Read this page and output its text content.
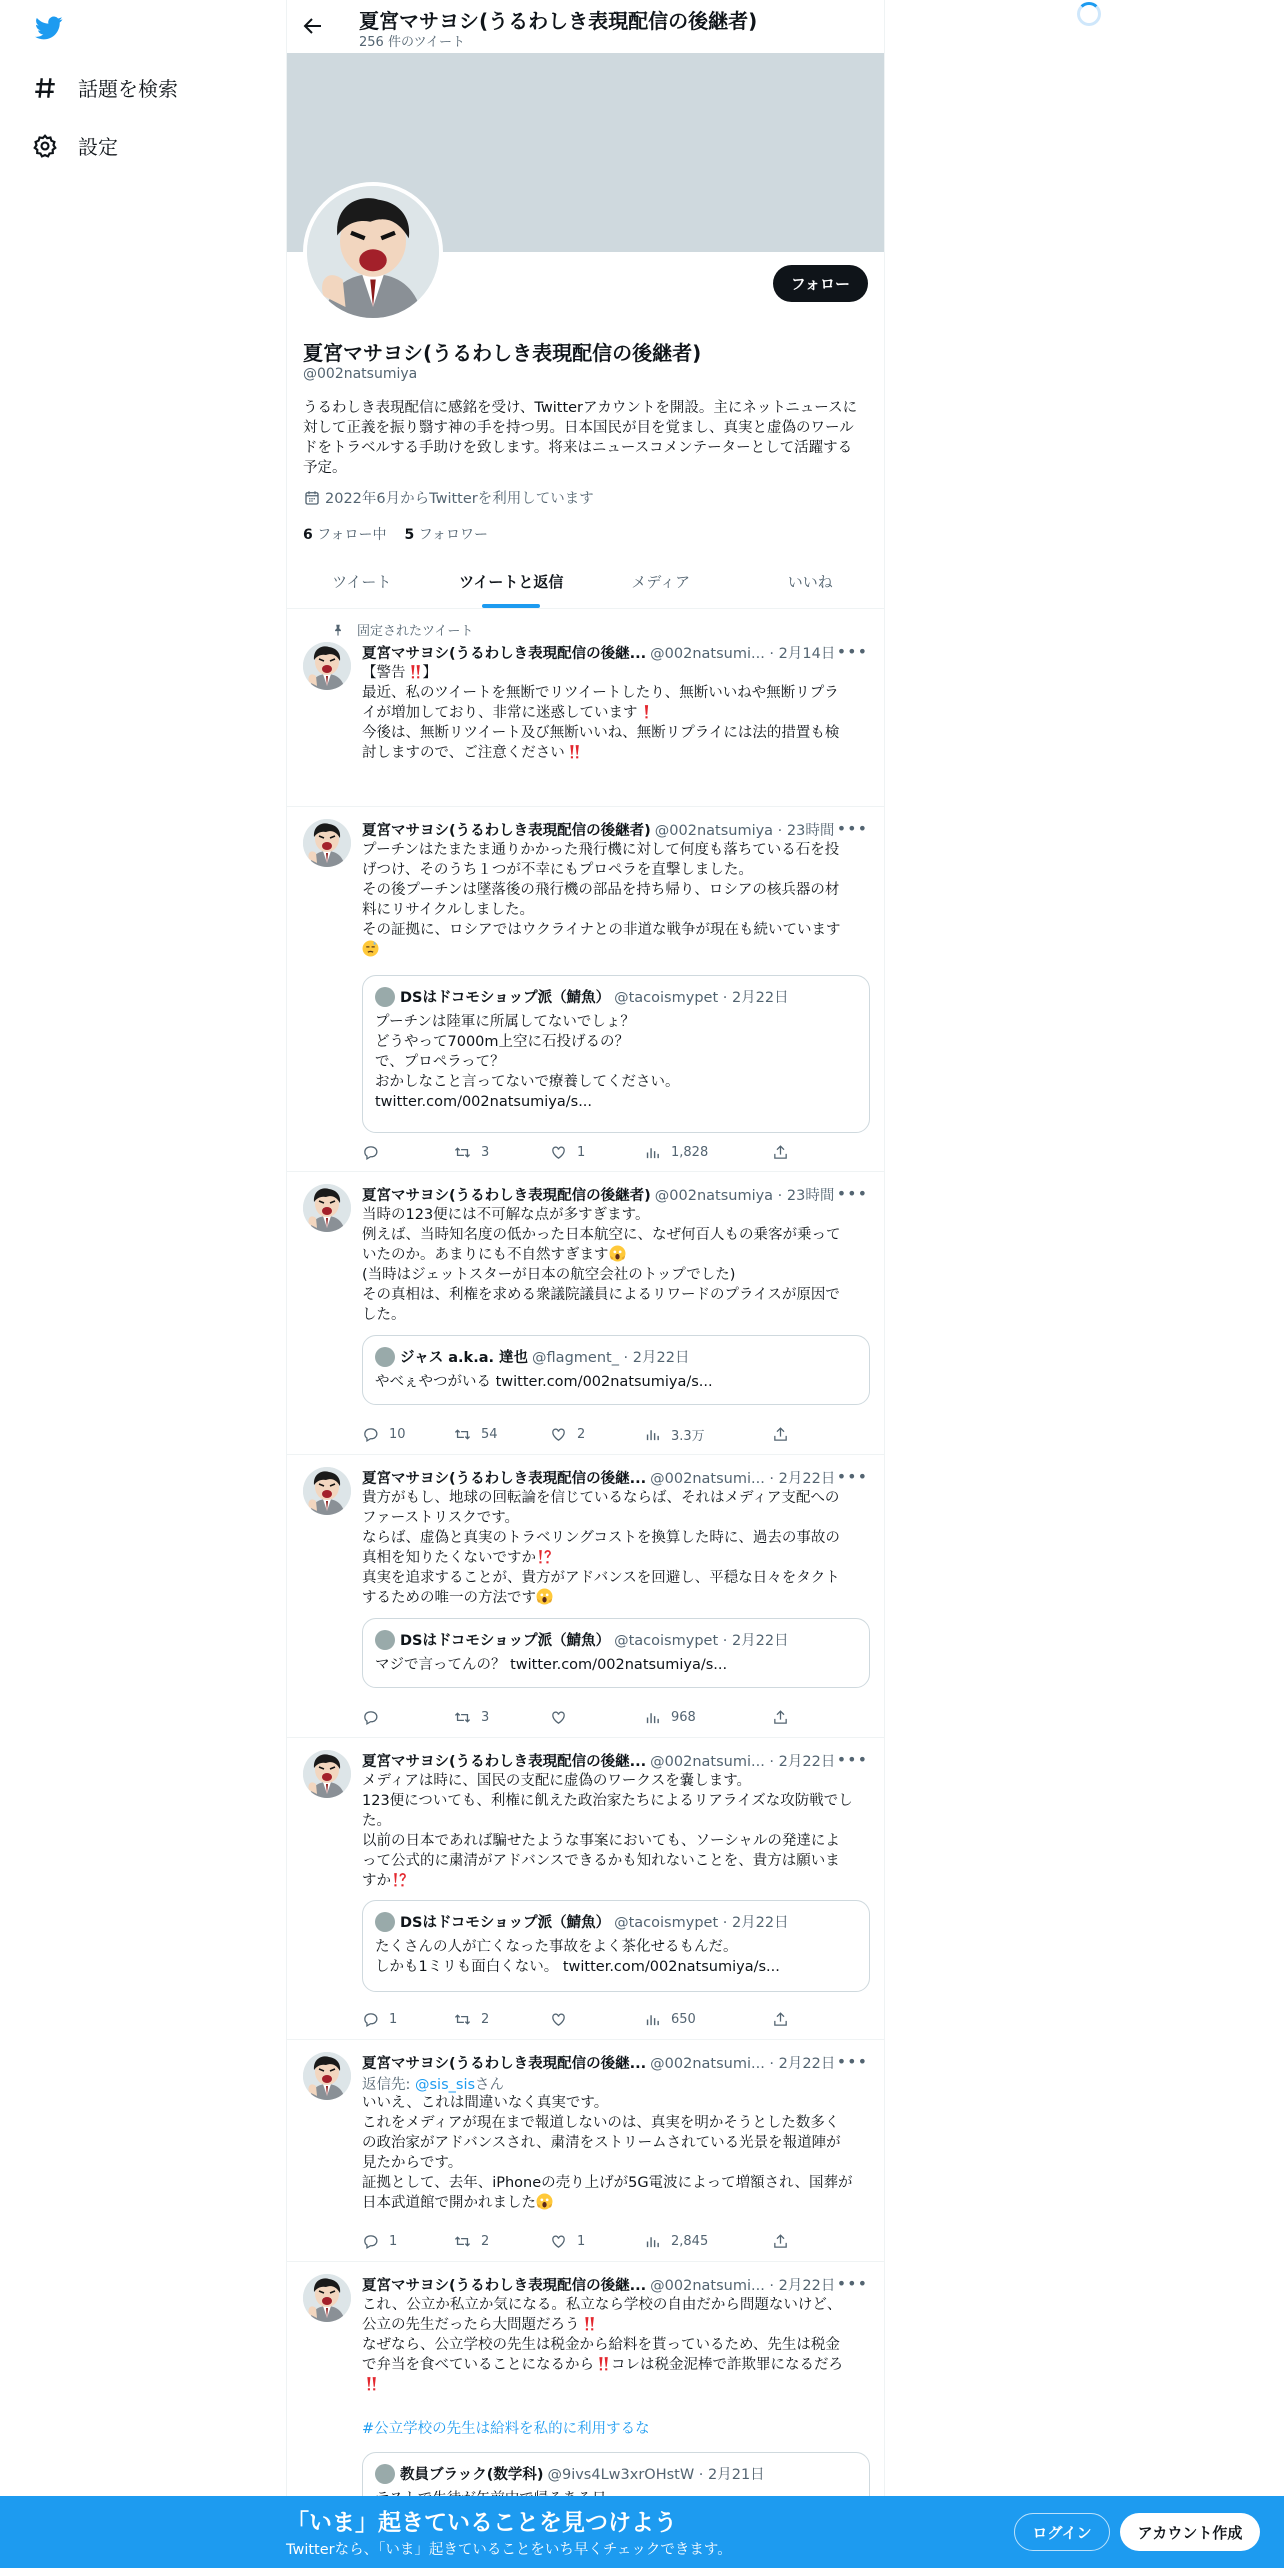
話題を検索
設定
夏宮マサヨシ(うるわしき表現配信の後継者)
256 件のツイート
フォロー
夏宮マサヨシ(うるわしき表現配信の後継者)
@002natsumiya
うるわしき表現配信に感銘を受け、Twitterアカウントを開設。主にネットニュースに対して正義を振り翳す神の手を持つ男。日本国民が目を覚まし、真実と虚偽のワールドをトラベルする手助けを致します。将来はニュースコメンテーターとして活躍する予定。
2022年6月からTwitterを利用しています
6 フォロー中 5 フォロワー
ツイート	ツイートと返信	メディア	いいね
固定されたツイート
夏宮マサヨシ(うるわしき表現配信の後継... @002natsumi... · 2月14日 •••
【警告 】
最近、私のツイートを無断でリツイートしたり、無断いいねや無断リプラ
イが増加しており、非常に迷惑しています
今後は、無断リツイート及び無断いいね、無断リプライには法的措置も検
討しますので、ご注意ください
夏宮マサヨシ(うるわしき表現配信の後継者) @002natsumiya · 23時間 •••
プーチンはたまたま通りかかった飛行機に対して何度も落ちている石を投
げつけ、そのうち１つが不幸にもプロペラを直撃しました。
その後プーチンは墜落後の飛行機の部品を持ち帰り、ロシアの核兵器の材
料にリサイクルしました。
その証拠に、ロシアではウクライナとの非道な戦争が現在も続いています
DSはドコモショップ派（鯖魚） @tacoismypet · 2月22日
プーチンは陸軍に所属してないでしょ？
どうやって7000m上空に石投げるの？
で、プロペラって？
おかしなこと言ってないで療養してください。
twitter.com/002natsumiya/s...
3	1	1,828
夏宮マサヨシ(うるわしき表現配信の後継者) @002natsumiya · 23時間 •••
当時の123便には不可解な点が多すぎます。
例えば、当時知名度の低かった日本航空に、なぜ何百人もの乗客が乗って
いたのか。あまりにも不自然すぎます
(当時はジェットスターが日本の航空会社のトップでした)
その真相は、利権を求める衆議院議員によるリワードのプライスが原因で
した。
ジャス a.k.a. 達也 @flagment_ · 2月22日
やべぇやつがいる twitter.com/002natsumiya/s...
10	54	2	3.3万
夏宮マサヨシ(うるわしき表現配信の後継... @002natsumi... · 2月22日 •••
貴方がもし、地球の回転論を信じているならば、それはメディア支配への
ファーストリスクです。
ならば、虚偽と真実のトラベリングコストを換算した時に、過去の事故の
真相を知りたくないですか
真実を追求することが、貴方がアドバンスを回避し、平穏な日々をタクト
するための唯一の方法です
DSはドコモショップ派（鯖魚） @tacoismypet · 2月22日
マジで言ってんの？ twitter.com/002natsumiya/s...
3	968
夏宮マサヨシ(うるわしき表現配信の後継... @002natsumi... · 2月22日 •••
メディアは時に、国民の支配に虚偽のワークスを嚢します。
123便についても、利権に飢えた政治家たちによるリアライズな攻防戦でし
た。
以前の日本であれば騙せたような事案においても、ソーシャルの発達によ
って公式的に粛清がアドバンスできるかも知れないことを、貴方は願いま
すか
DSはドコモショップ派（鯖魚） @tacoismypet · 2月22日
たくさんの人が亡くなった事故をよく茶化せるもんだ。
しかも1ミリも面白くない。 twitter.com/002natsumiya/s...
1	2	650
夏宮マサヨシ(うるわしき表現配信の後継... @002natsumi... · 2月22日 •••
返信先: @sis_sisさん
いいえ、これは間違いなく真実です。
これをメディアが現在まで報道しないのは、真実を明かそうとした数多く
の政治家がアドバンスされ、粛清をストリームされている光景を報道陣が
見たからです。
証拠として、去年、iPhoneの売り上げが5G電波によって増額され、国葬が
日本武道館で開かれました
1	2	1	2,845
夏宮マサヨシ(うるわしき表現配信の後継... @002natsumi... · 2月22日 •••
これ、公立か私立か気になる。私立なら学校の自由だから問題ないけど、
公立の先生だったら大問題だろう
なぜなら、公立学校の先生は税金から給料を貰っているため、先生は税金
で弁当を食べていることになるから コレは税金泥棒で詐欺罪になるだろ
#公立学校の先生は給料を私的に利用するな
教員ブラック(数学科) @9ivs4Lw3xrOHstW · 2月21日
「いま」起きていることを見つけよう
Twitterなら、「いま」起きていることをいち早くチェックできます。
ログイン	アカウント作成
